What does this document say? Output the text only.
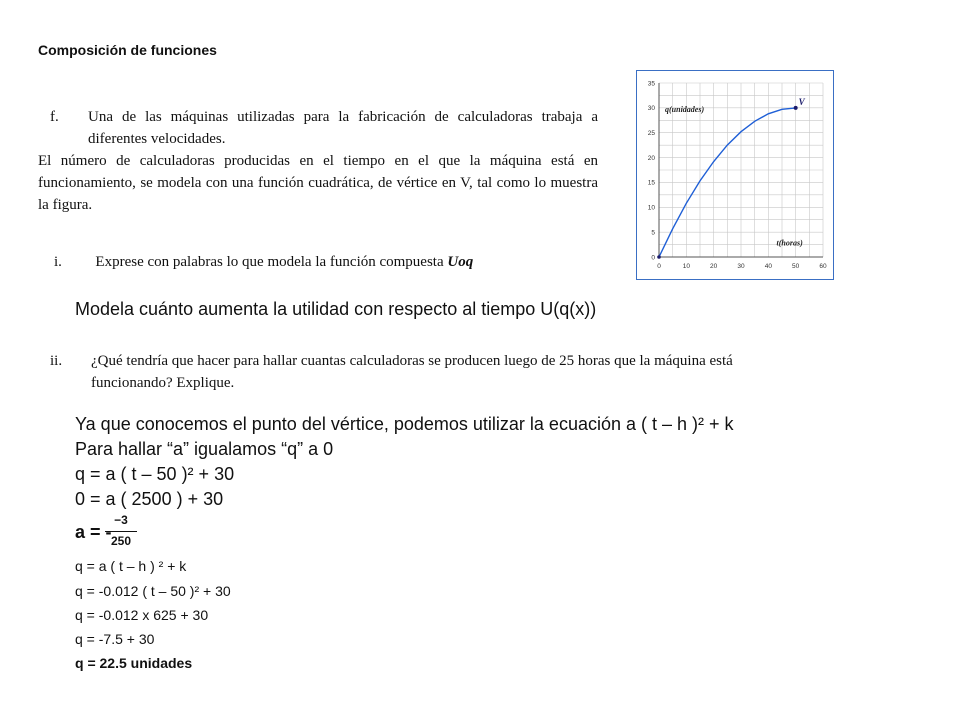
Composición de funciones
f. Una de las máquinas utilizadas para la fabricación de calculadoras trabaja a diferentes velocidades.
El número de calculadoras producidas en el tiempo en el que la máquina está en funcionamiento, se modela con una función cuadrática, de vértice en V, tal como lo muestra la figura.
i. Exprese con palabras lo que modela la función compuesta Uoq
Modela cuánto aumenta la utilidad con respecto al tiempo U(q(x))
ii. ¿Qué tendría que hacer para hallar cuantas calculadoras se producen luego de 25 horas que la máquina está funcionando? Explique.
Ya que conocemos el punto del vértice, podemos utilizar la ecuación a ( t – h )² + k
Para hallar “a” igualamos “q” a 0
q = a ( t – 50 )² + 30
0 = a ( 2500 ) + 30
a = -
−3
250
q = a ( t – h ) ² + k
q = -0.012 ( t – 50 )² + 30
q = -0.012 x 625 + 30
q = -7.5 + 30
q = 22.5 unidades
0	10	20	30	40	50	60
0
5
10
15
20
25
30
35
q(unidades)
t(horas)
V
